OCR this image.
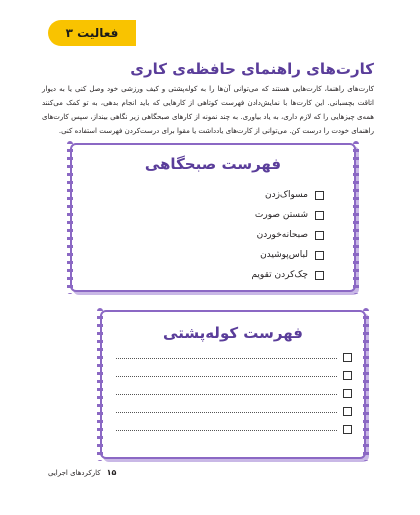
فعالیت ۳
کارت‌های راهنمای حافظه‌ی کاری
کارت‌های راهنما، کارت‌هایی هستند که می‌توانی آن‌ها را به کوله‌پشتی و کیف ورزشی خود وصل کنی یا به دیوار اتاقت بچسبانی. این کارت‌ها با نمایش‌دادن فهرست کوتاهی از کارهایی که باید انجام بدهی، به تو کمک می‌کنند همه‌ی چیزهایی را که لازم داری، به یاد بیاوری. به چند نمونه از کارهای صبحگاهی زیر نگاهی بینداز، سپس کارت‌های راهنمای خودت را درست کن. می‌توانی از کارت‌های یادداشت یا مقوا برای درست‌کردن فهرست استفاده کنی.
فهرست صبحگاهی
مسواک‌زدن
شستن صورت
صبحانه‌خوردن
لباس‌پوشیدن
چک‌کردن تقویم
فهرست کوله‌پشتی
۱۵
کارکردهای اجرایی
